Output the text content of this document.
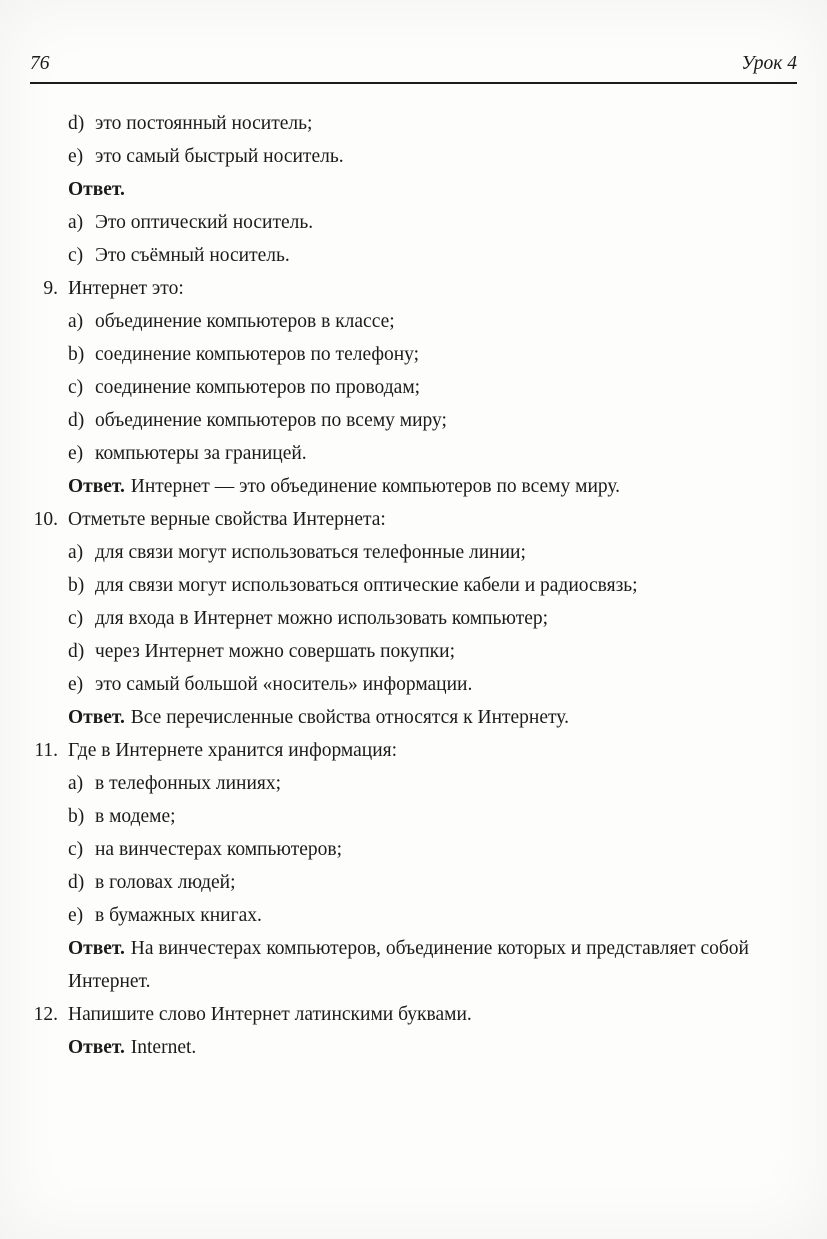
76	Урок 4
d) это постоянный носитель;
e) это самый быстрый носитель.
Ответ.
a) Это оптический носитель.
c) Это съёмный носитель.
9. Интернет это:
a) объединение компьютеров в классе;
b) соединение компьютеров по телефону;
c) соединение компьютеров по проводам;
d) объединение компьютеров по всему миру;
e) компьютеры за границей.
Ответ. Интернет — это объединение компьютеров по всему миру.
10. Отметьте верные свойства Интернета:
a) для связи могут использоваться телефонные линии;
b) для связи могут использоваться оптические кабели и радиосвязь;
c) для входа в Интернет можно использовать компьютер;
d) через Интернет можно совершать покупки;
e) это самый большой «носитель» информации.
Ответ. Все перечисленные свойства относятся к Интернету.
11. Где в Интернете хранится информация:
a) в телефонных линиях;
b) в модеме;
c) на винчестерах компьютеров;
d) в головах людей;
e) в бумажных книгах.
Ответ. На винчестерах компьютеров, объединение которых и представляет собой Интернет.
12. Напишите слово Интернет латинскими буквами.
Ответ. Internet.
